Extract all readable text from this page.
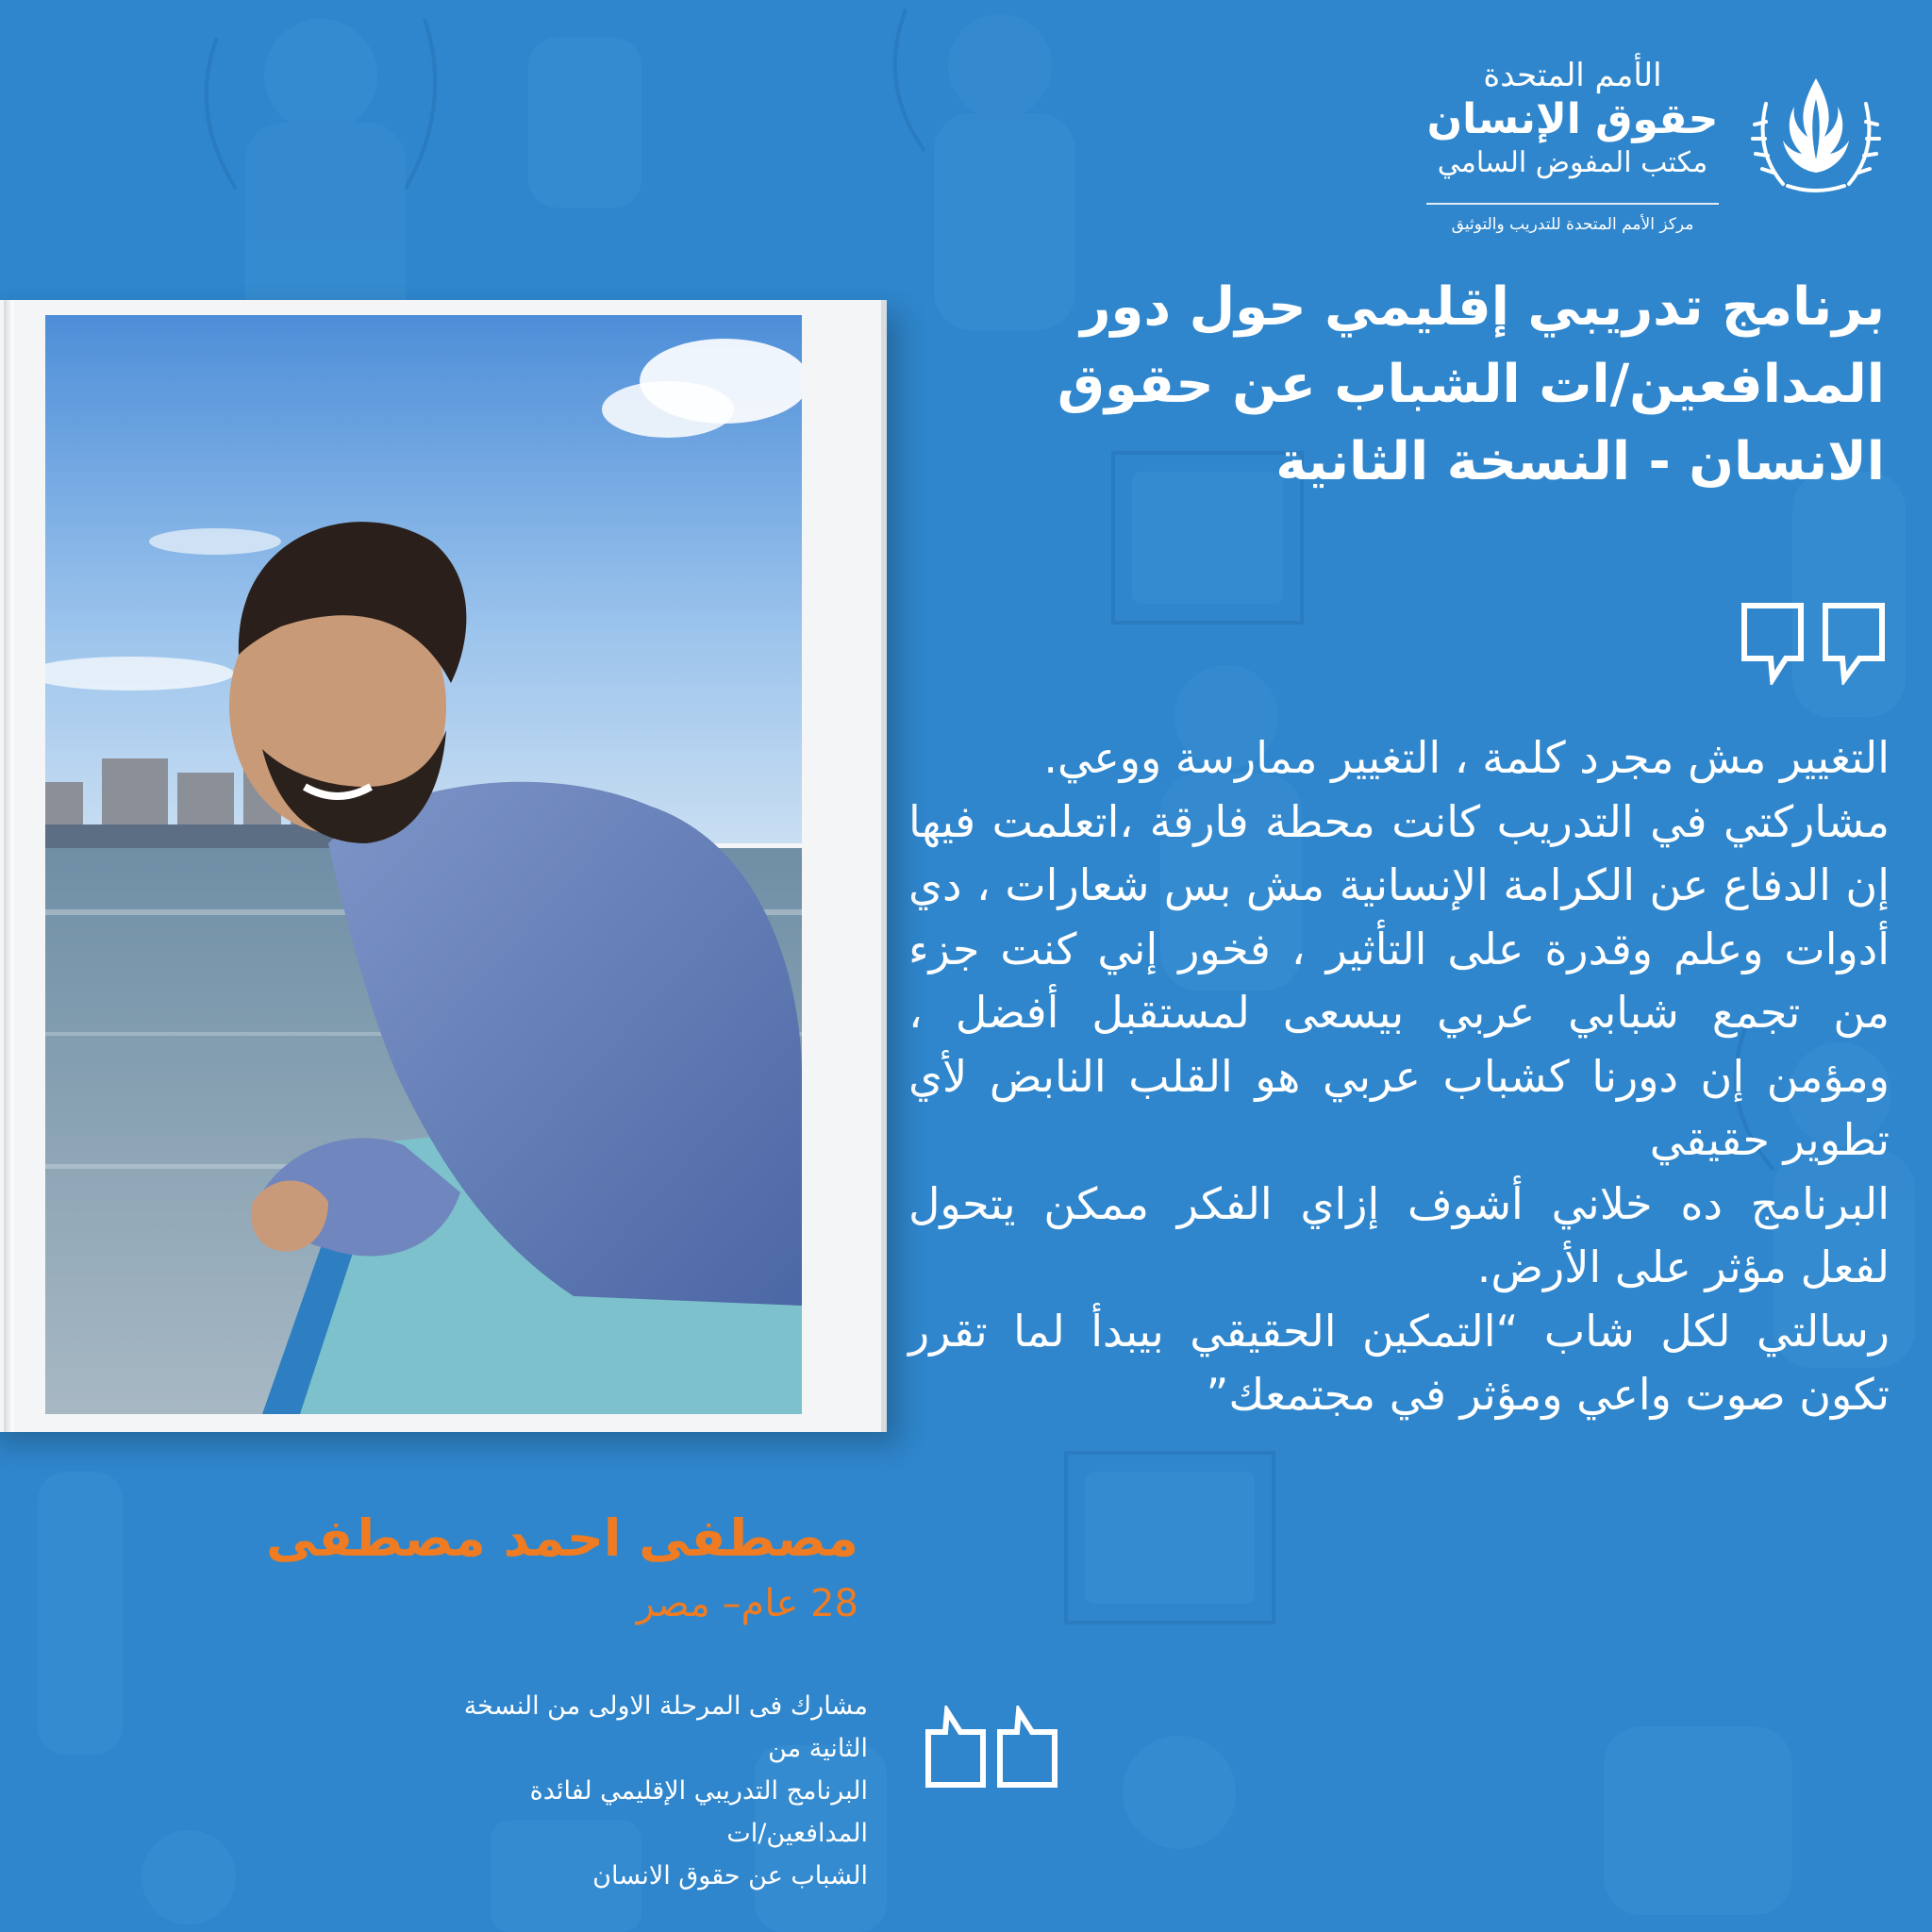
الأمم المتحدة
حقوق الإنسان
مكتب المفوض السامي
مركز الأمم المتحدة للتدريب والتوثيق
برنامج تدريبي إقليمي حول دور المدافعين/ات الشباب عن حقوق الانسان - النسخة الثانية

التغيير مش مجرد كلمة ، التغيير ممارسة ووعي.

مشاركتي في التدريب كانت محطة فارقة ،اتعلمت فيها إن الدفاع عن الكرامة الإنسانية مش بس شعارات ، دي أدوات وعلم وقدرة على التأثير ، فخور إني كنت جزء من تجمع شبابي عربي بيسعى لمستقبل أفضل ، ومؤمن إن دورنا كشباب عربي هو القلب النابض لأي تطوير حقيقي

البرنامج ده خلاني أشوف إزاي الفكر ممكن يتحول لفعل مؤثر على الأرض.

رسالتي لكل شاب “التمكين الحقيقي بيبدأ لما تقرر تكون صوت واعي ومؤثر في مجتمعك”

مصطفى احمد مصطفى
28 عام– مصر

مشارك فى المرحلة الاولى من النسخة الثانية من

البرنامج التدريبي الإقليمي لفائدة المدافعين/ات

الشباب عن حقوق الانسان
